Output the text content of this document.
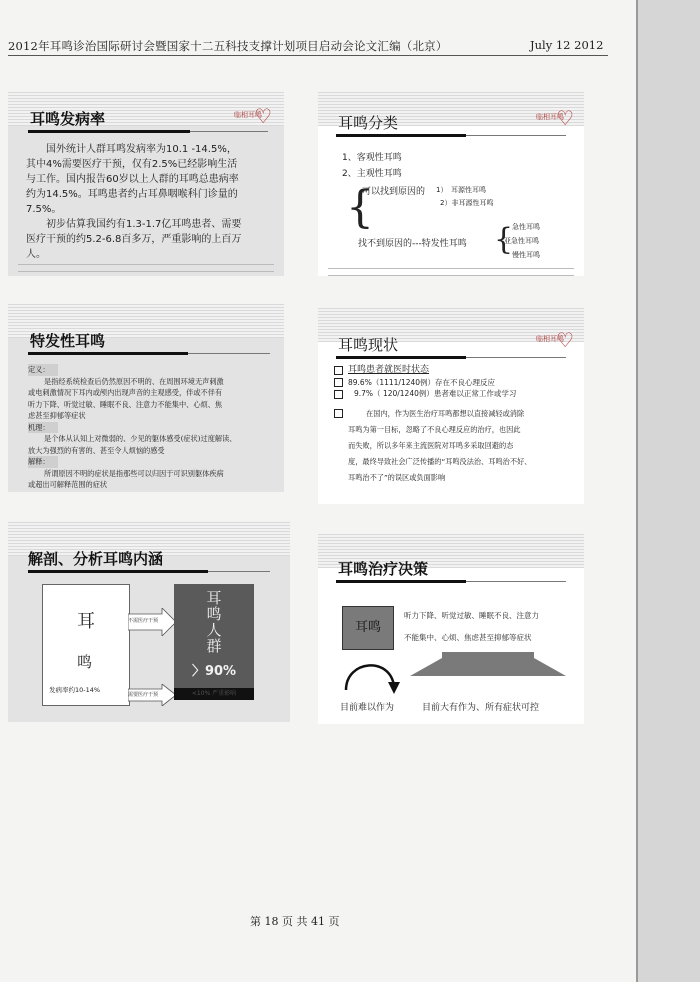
2012年耳鸣诊治国际研讨会暨国家十二五科技支撑计划项目启动会论文汇编（北京）	July 12 2012
耳鸣发病率	临相耳鸣
♡
国外统计人群耳鸣发病率为10.1 -14.5%，
其中4%需要医疗干预，仅有2.5%已经影响生活
与工作。国内报告60岁以上人群的耳鸣总患病率
约为14.5%。耳鸣患者约占耳鼻咽喉科门诊量的
7.5%。
初步估算我国约有1.3-1.7亿耳鸣患者、需要
医疗干预的约5.2-6.8百多万，严重影响的上百万
人。
耳鸣分类	临相耳鸣
♡
1、客观性耳鸣
2、主观性耳鸣
{
可以找到原因的 1）　耳源性耳鸣
2）非耳源性耳鸣
找不到原因的---特发性耳鸣 {
急性耳鸣
亚急性耳鸣
慢性耳鸣
特发性耳鸣
定义：
是指经系统检查后仍然原因不明的、在周围环境无声刺激
或电刺激情况下耳内或颅内出现声音的主观感受，伴或不伴有
听力下降、听觉过敏、睡眠不良、注意力不能集中、心烦、焦
虑甚至抑郁等症状
机理：
是个体从认知上对微弱的、少见的躯体感受(症状)过度解读、
放大为强烈的有害的、甚至令人烦恼的感受
解释：
所谓原因不明的症状是指那些可以归因于可识别躯体疾病
或超出可解释范围的症状
耳鸣现状	临相耳鸣
♡
耳鸣患者就医时状态
89.6%（1111/1240例）存在不良心理反应
9.7%（ 120/1240例）患者难以正常工作或学习
在国内，作为医生治疗耳鸣都想以直接减轻或消除
耳鸣为第一目标，忽略了不良心理反应的治疗，也因此
而失败，所以多年来主流医院对耳鸣多采取回避的态
度，最终导致社会广泛传播的“耳鸣没法治、耳鸣治不好、
耳鸣治不了”的误区或负面影响
解剖、分析耳鸣内涵
耳
鸣
发病率约10-14%
不需医疗干预
需要医疗干预
耳
鸣
人
群
〉90%
<10% 严重影响
耳鸣治疗决策
耳鸣
听力下降、听觉过敏、睡眠不良、注意力
不能集中、心烦、焦虑甚至抑郁等症状
目前难以作为	目前大有作为、所有症状可控
第 18 页 共 41 页
